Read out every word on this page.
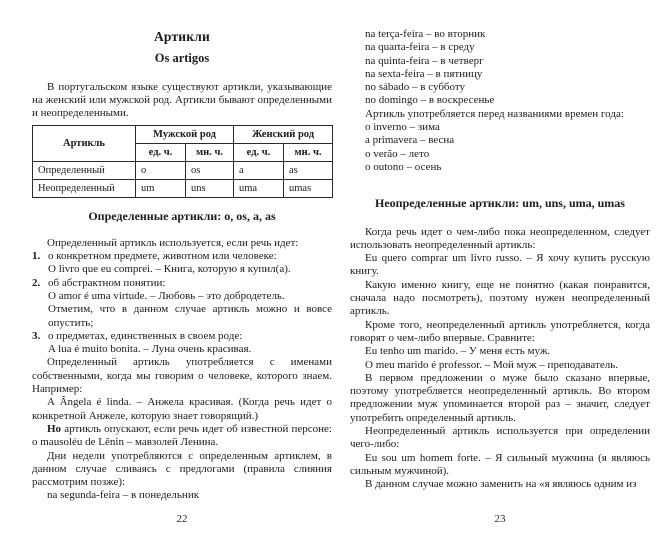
Артикли
Os artigos

В португальском языке существуют артикли, указывающие на женский или мужской род. Артикли бывают определенными и неопределенными.

Артикль	Мужской род		Женский род	
	ед. ч.	мн. ч.	ед. ч.	мн. ч.
Определенный	o	os	a	as
Неопределенный	um	uns	uma	umas
Определенные артикли: o, os, a, as

Определенный артикль используется, если речь идет:

1. о конкретном предмете, животном или человеке:
O livro que eu comprei. – Книга, которую я купил(а).
2. об абстрактном понятии:
O amor é uma virtude. – Любовь – это добродетель.
Отметим, что в данном случае артикль можно и вовсе опустить;
3. о предметах, единственных в своем роде:
A lua é muito bonita. – Луна очень красивая.

Определенный артикль употребляется с именами собственными, когда мы говорим о человеке, которого знаем. Например:

A Ângela é linda. – Анжела красивая. (Когда речь идет о конкретной Анжеле, которую знает говорящий.)

Но артикль опускают, если речь идет об известной персоне: o mausoléu de Lênin – мавзолей Ленина.

Дни недели употребляются с определенным артиклем, в данном случае сливаясь с предлогами (правила слияния рассмотрим позже):

na segunda-feira – в понедельник

22
na terça-feira – во вторник
na quarta-feira – в среду
na quinta-feira – в четверг
na sexta-feira – в пятницу
no sábado – в субботу
no domingo – в воскресенье
Артикль употребляется перед названиями времен года:
o inverno – зима
a primavera – весна
o verão – лето
o outono – осень
Неопределенные артикли: um, uns, uma, umas

Когда речь идет о чем-либо пока неопределенном, следует использовать неопределенный артикль:

Eu quero comprar um livro russo. – Я хочу купить русскую книгу.

Какую именно книгу, еще не понятно (какая понравится, сначала надо посмотреть), поэтому нужен неопределенный артикль.

Кроме того, неопределенный артикль употребляется, когда говорят о чем-либо впервые. Сравните:

Eu tenho um marido. – У меня есть муж.

O meu marido é professor. – Мой муж – преподаватель.

В первом предложении о муже было сказано впервые, поэтому употребляется неопределенный артикль. Во втором предложении муж упоминается второй раз – значит, следует употребить определенный артикль.

Неопределенный артикль используется при определении чего-либо:

Eu sou um homem forte. – Я сильный мужчина (я являюсь сильным мужчиной).

В данном случае можно заменить на «я являюсь одним из

23
